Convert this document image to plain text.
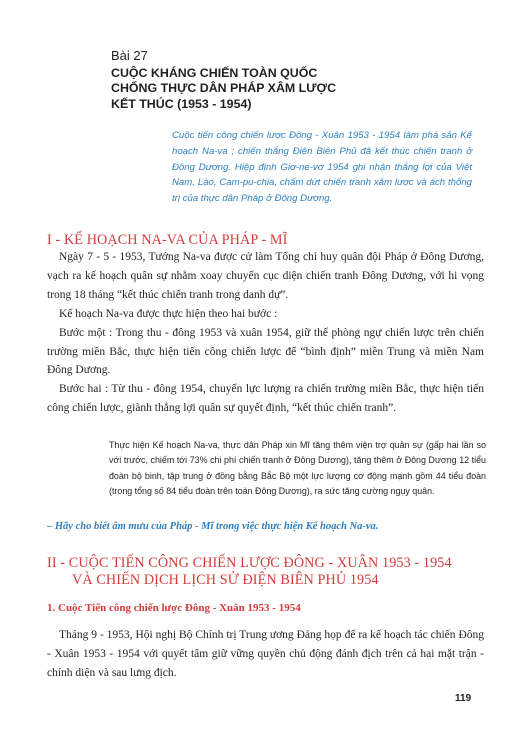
Bài 27
CUỘC KHÁNG CHIẾN TOÀN QUỐC
CHỐNG THỰC DÂN PHÁP XÂM LƯỢC
KẾT THÚC (1953 - 1954)
Cuộc tiến công chiến lược Đông - Xuân 1953 - 1954 làm phá sản Kế hoạch Na-va ; chiến thắng Điện Biên Phủ đã kết thúc chiến tranh ở Đông Dương. Hiệp định Giơ-ne-vơ 1954 ghi nhận thắng lợi của Việt Nam, Lào, Cam-pu-chia, chấm dứt chiến tranh xâm lược và ách thống trị của thực dân Pháp ở Đông Dương.
I - KẾ HOẠCH NA-VA CỦA PHÁP - MĨ

Ngày 7 - 5 - 1953, Tướng Na-va được cử làm Tổng chỉ huy quân đội Pháp ở Đông Dương, vạch ra kế hoạch quân sự nhằm xoay chuyển cục diện chiến tranh Đông Dương, với hi vọng trong 18 tháng “kết thúc chiến tranh trong danh dự”.

Kế hoạch Na-va được thực hiện theo hai bước :

Bước một : Trong thu - đông 1953 và xuân 1954, giữ thế phòng ngự chiến lược trên chiến trường miền Bắc, thực hiện tiến công chiến lược để “bình định” miền Trung và miền Nam Đông Dương.

Bước hai : Từ thu - đông 1954, chuyển lực lượng ra chiến trường miền Bắc, thực hiện tiến công chiến lược, giành thắng lợi quân sự quyết định, “kết thúc chiến tranh”.

Thực hiện Kế hoạch Na-va, thực dân Pháp xin Mĩ tăng thêm viện trợ quân sự (gấp hai lần so với trước, chiếm tới 73% chi phí chiến tranh ở Đông Dương), tăng thêm ở Đông Dương 12 tiểu đoàn bộ binh, tập trung ở đồng bằng Bắc Bộ một lực lượng cơ động mạnh gồm 44 tiểu đoàn (trong tổng số 84 tiểu đoàn trên toàn Đông Dương), ra sức tăng cường ngụy quân.
– Hãy cho biết âm mưu của Pháp - Mĩ trong việc thực hiện Kế hoạch Na-va.
II - CUỘC TIẾN CÔNG CHIẾN LƯỢC ĐÔNG - XUÂN 1953 - 1954
VÀ CHIẾN DỊCH LỊCH SỬ ĐIỆN BIÊN PHỦ 1954
1. Cuộc Tiến công chiến lược Đông - Xuân 1953 - 1954

Tháng 9 - 1953, Hội nghị Bộ Chính trị Trung ương Đảng họp để ra kế hoạch tác chiến Đông - Xuân 1953 - 1954 với quyết tâm giữ vững quyền chủ động đánh địch trên cả hai mặt trận - chính diện và sau lưng địch.

119
